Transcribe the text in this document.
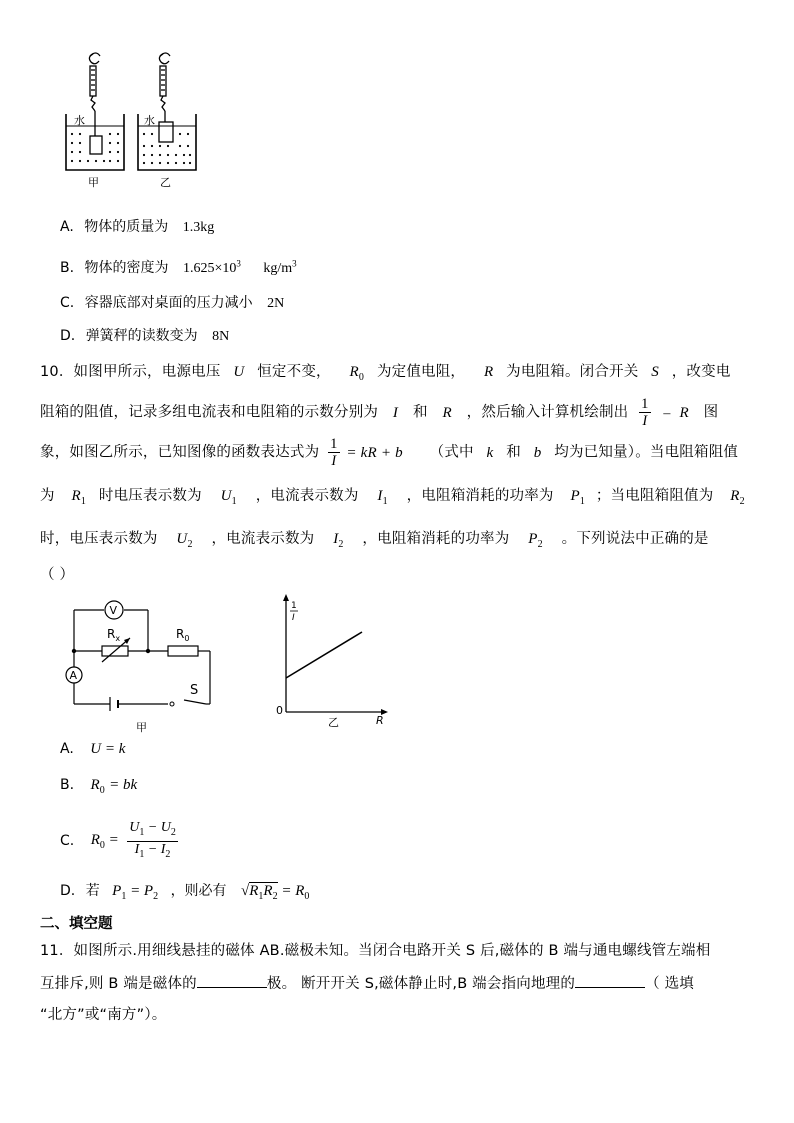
水	水
甲	乙
A. 物体的质量为 1.3kg
B. 物体的密度为 $1.625\times 10^3$ $kg/m^3$
C. 容器底部对桌面的压力减小 2N
D. 弹簧秤的读数变为 8N
10．如图甲所示，电源电压 U 恒定不变， $R_0$ 为定值电阻， R 为电阻箱。闭合开关 S ，改变电
阻箱的阻值，记录多组电流表和电阻箱的示数分别为 I 和 R ，然后输入计算机绘制出 $\frac{1}{I}$ – R 图
象，如图乙所示，已知图像的函数表达式为 $\frac{1}{I}$ = kR + b （式中 k 和 b 均为已知量）。当电阻箱阻值
为 $R_1$ 时电压表示数为 $U_1$ ，电流表示数为 $I_1$ ，电阻箱消耗的功率为 $P_1$ ；当电阻箱阻值为 $R_2$
时，电压表示数为 $U_2$ ，电流表示数为 $I_2$ ，电阻箱消耗的功率为 $P_2$ 。下列说法中正确的是
（ ）
V
$R_x$	$R_0$
A
S
甲
1
I
0
R
乙
A. U = k
B. $R_0$ = bk
C. $R_0 = \frac{U_1 - U_2}{I_1 - I_2}$
D. 若 $P_1 = P_2$ ，则必有 $√R_1R_2 = R_0$
二、填空题
11．如图所示.用细线悬挂的磁体 AB.磁极未知。当闭合电路开关 S 后,磁体的 B 端与通电螺线管左端相
互排斥,则 B 端是磁体的	极。 断开开关 S,磁体静止时,B 端会指向地理的	（ 选填
“北方”或“南方”）。
